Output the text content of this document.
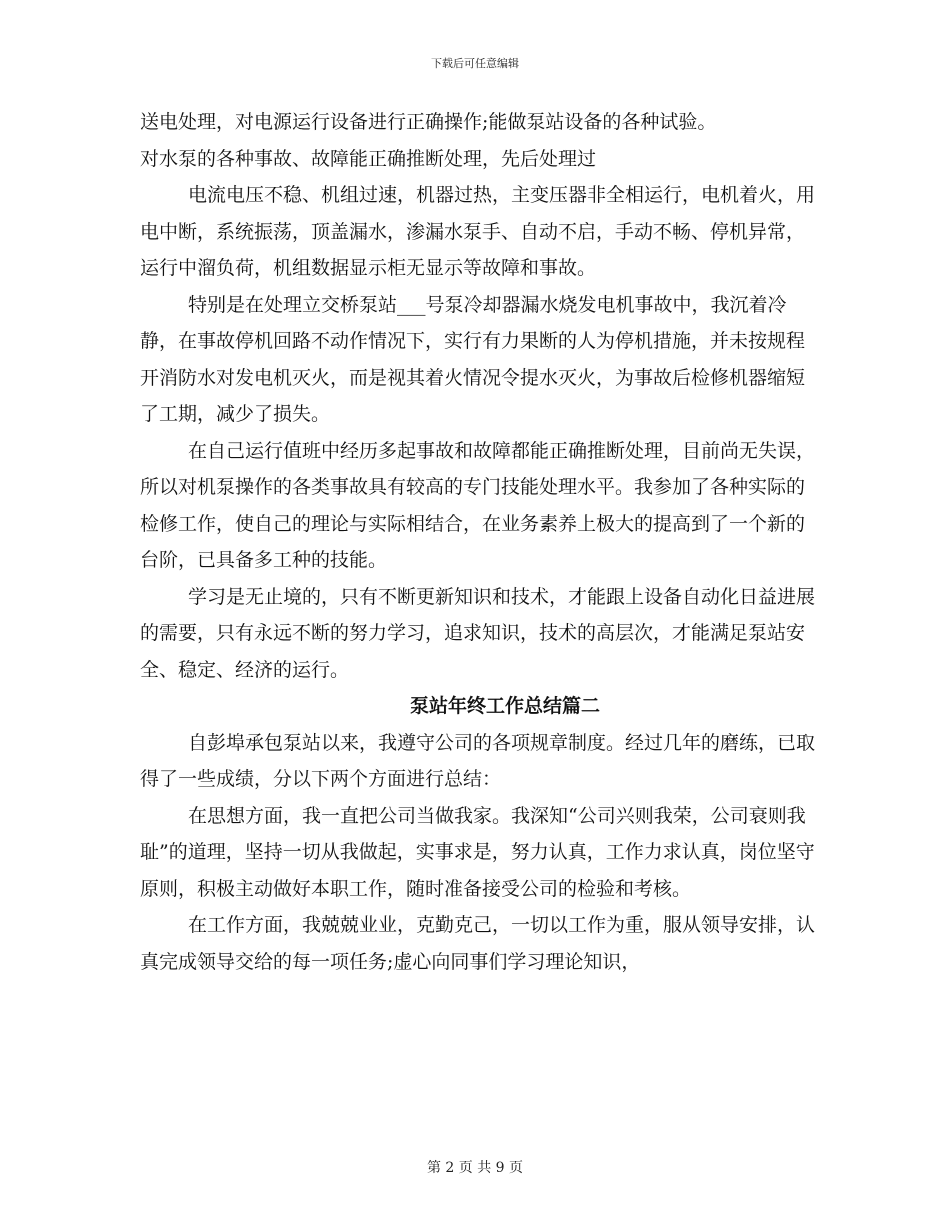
下载后可任意编辑

送电处理，对电源运行设备进行正确操作;能做泵站设备的各种试验。

对水泵的各种事故、故障能正确推断处理，先后处理过

电流电压不稳、机组过速，机器过热，主变压器非全相运行，电机着火，用电中断，系统振荡，顶盖漏水，渗漏水泵手、自动不启，手动不畅、停机异常，运行中溜负荷，机组数据显示柜无显示等故障和事故。

特别是在处理立交桥泵站___号泵冷却器漏水烧发电机事故中，我沉着冷静，在事故停机回路不动作情况下，实行有力果断的人为停机措施，并未按规程开消防水对发电机灭火，而是视其着火情况令提水灭火，为事故后检修机器缩短了工期，减少了损失。

在自己运行值班中经历多起事故和故障都能正确推断处理，目前尚无失误，所以对机泵操作的各类事故具有较高的专门技能处理水平。我参加了各种实际的检修工作，使自己的理论与实际相结合，在业务素养上极大的提高到了一个新的台阶，已具备多工种的技能。

学习是无止境的，只有不断更新知识和技术，才能跟上设备自动化日益进展的需要，只有永远不断的努力学习，追求知识，技术的高层次，才能满足泵站安全、稳定、经济的运行。

泵站年终工作总结篇二

自彭埠承包泵站以来，我遵守公司的各项规章制度。经过几年的磨练，已取得了一些成绩，分以下两个方面进行总结：

在思想方面，我一直把公司当做我家。我深知“公司兴则我荣，公司衰则我耻”的道理，坚持一切从我做起，实事求是，努力认真，工作力求认真，岗位坚守原则，积极主动做好本职工作，随时准备接受公司的检验和考核。

在工作方面，我兢兢业业，克勤克己，一切以工作为重，服从领导安排，认真完成领导交给的每一项任务;虚心向同事们学习理论知识，

第 2 页 共 9 页
